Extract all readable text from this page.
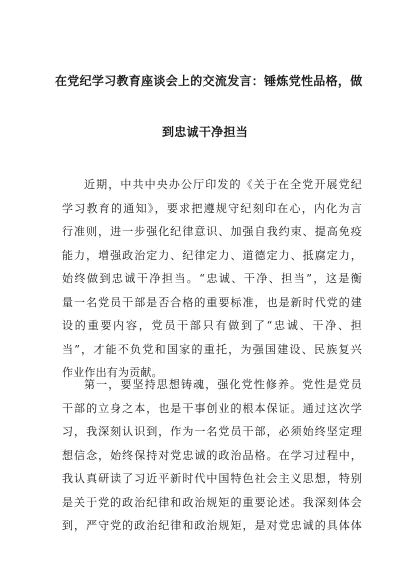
在党纪学习教育座谈会上的交流发言：锤炼党性品格，做
到忠诚干净担当
近期，中共中央办公厅印发的《关于在全党开展党纪
学习教育的通知》，要求把遵规守纪刻印在心，内化为言
行准则，进一步强化纪律意识、加强自我约束、提高免疫
能力，增强政治定力、纪律定力、道德定力、抵腐定力，
始终做到忠诚干净担当。“忠诚、干净、担当”，这是衡
量一名党员干部是否合格的重要标准，也是新时代党的建
设的重要内容，党员干部只有做到了“忠诚、干净、担
当”，才能不负党和国家的重托，为强国建设、民族复兴
作业作出有为贡献。
第一，要坚持思想铸魂，强化党性修养。党性是党员
干部的立身之本，也是干事创业的根本保证。通过这次学
习，我深刻认识到，作为一名党员干部，必须始终坚定理
想信念，始终保持对党忠诚的政治品格。在学习过程中，
我认真研读了习近平新时代中国特色社会主义思想，特别
是关于党的政治纪律和政治规矩的重要论述。我深刻体会
到，严守党的政治纪律和政治规矩，是对党忠诚的具体体
